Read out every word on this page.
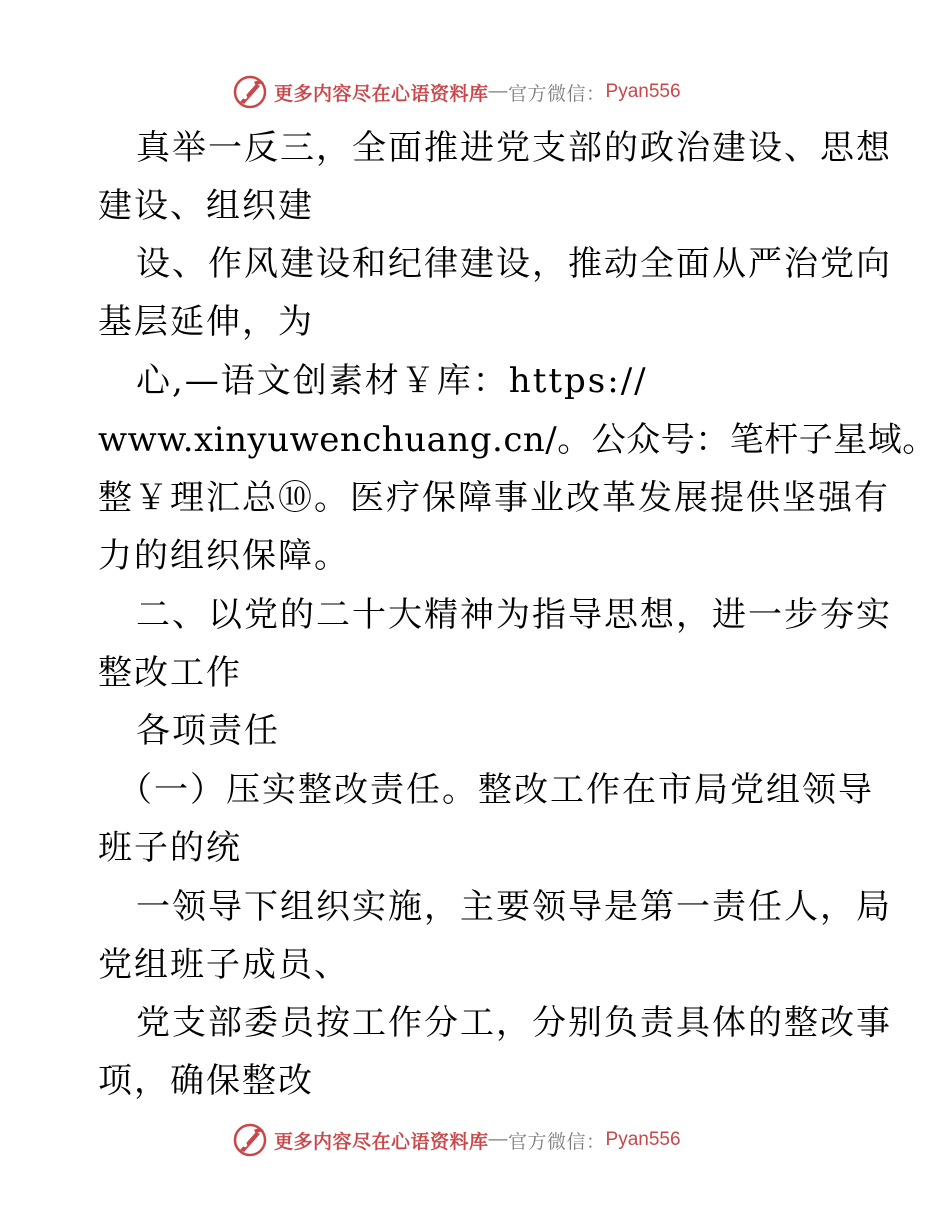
更多内容尽在心语资料库 — 官方微信： Pyan556
真举一反三，全面推进党支部的政治建设、思想
建设、组织建
设、作风建设和纪律建设，推动全面从严治党向
基层延伸，为
心,—语文创素材￥库：https://
www.xinyuwenchuang.cn/。公众号：笔杆子星域。
整￥理汇总⑩。医疗保障事业改革发展提供坚强有
力的组织保障。
二、以党的二十大精神为指导思想，进一步夯实
整改工作
各项责任
（一）压实整改责任。整改工作在市局党组领导
班子的统
一领导下组织实施，主要领导是第一责任人，局
党组班子成员、
党支部委员按工作分工，分别负责具体的整改事
项，确保整改
更多内容尽在心语资料库 — 官方微信： Pyan556
